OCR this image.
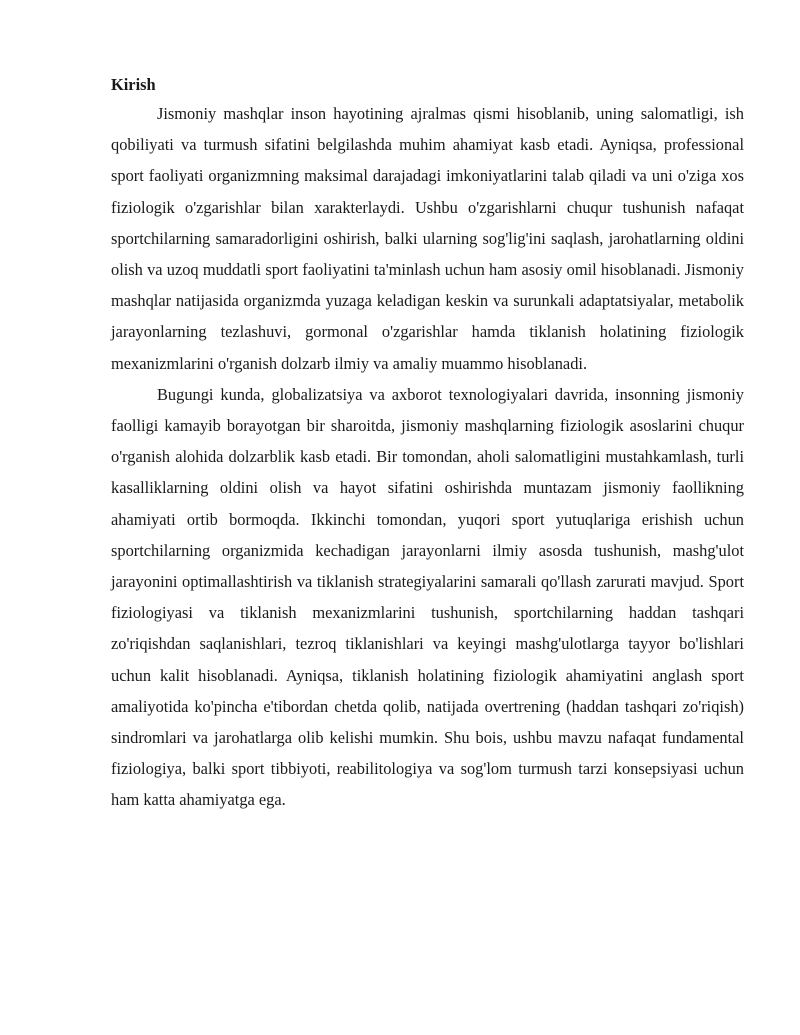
Kirish

Jismoniy mashqlar inson hayotining ajralmas qismi hisoblanib, uning salomatligi, ish qobiliyati va turmush sifatini belgilashda muhim ahamiyat kasb etadi. Ayniqsa, professional sport faoliyati organizmning maksimal darajadagi imkoniyatlarini talab qiladi va uni o'ziga xos fiziologik o'zgarishlar bilan xarakterlaydi. Ushbu o'zgarishlarni chuqur tushunish nafaqat sportchilarning samaradorligini oshirish, balki ularning sog'lig'ini saqlash, jarohatlarning oldini olish va uzoq muddatli sport faoliyatini ta'minlash uchun ham asosiy omil hisoblanadi. Jismoniy mashqlar natijasida organizmda yuzaga keladigan keskin va surunkali adaptatsiyalar, metabolik jarayonlarning tezlashuvi, gormonal o'zgarishlar hamda tiklanish holatining fiziologik mexanizmlarini o'rganish dolzarb ilmiy va amaliy muammo hisoblanadi.

Bugungi kunda, globalizatsiya va axborot texnologiyalari davrida, insonning jismoniy faolligi kamayib borayotgan bir sharoitda, jismoniy mashqlarning fiziologik asoslarini chuqur o'rganish alohida dolzarblik kasb etadi. Bir tomondan, aholi salomatligini mustahkamlash, turli kasalliklarning oldini olish va hayot sifatini oshirishda muntazam jismoniy faollikning ahamiyati ortib bormoqda. Ikkinchi tomondan, yuqori sport yutuqlariga erishish uchun sportchilarning organizmida kechadigan jarayonlarni ilmiy asosda tushunish, mashg'ulot jarayonini optimallashtirish va tiklanish strategiyalarini samarali qo'llash zarurati mavjud. Sport fiziologiyasi va tiklanish mexanizmlarini tushunish, sportchilarning haddan tashqari zo'riqishdan saqlanishlari, tezroq tiklanishlari va keyingi mashg'ulotlarga tayyor bo'lishlari uchun kalit hisoblanadi. Ayniqsa, tiklanish holatining fiziologik ahamiyatini anglash sport amaliyotida ko'pincha e'tibordan chetda qolib, natijada overtrening (haddan tashqari zo'riqish) sindromlari va jarohatlarga olib kelishi mumkin. Shu bois, ushbu mavzu nafaqat fundamental fiziologiya, balki sport tibbiyoti, reabilitologiya va sog'lom turmush tarzi konsepsiyasi uchun ham katta ahamiyatga ega.
